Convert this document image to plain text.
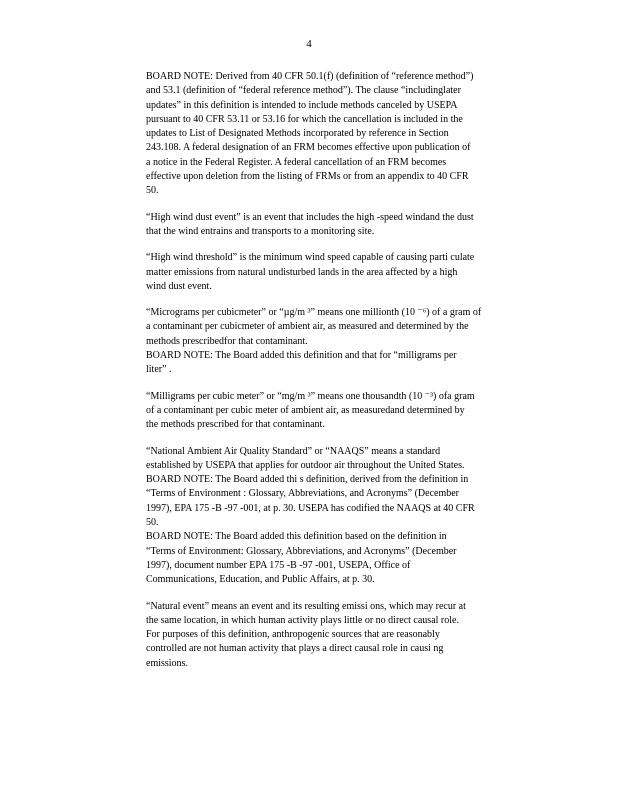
4

BOARD NOTE: Derived from 40 CFR 50.1(f) (definition of “reference method”)
and 53.1 (definition of “federal reference method”). The clause “includinglater
updates” in this definition is intended to include methods canceled by USEPA
pursuant to 40 CFR 53.11 or 53.16 for which the cancellation is included in the
updates to List of Designated Methods incorporated by reference in Section
243.108. A federal designation of an FRM becomes effective upon publication of
a notice in the Federal Register. A federal cancellation of an FRM becomes
effective upon deletion from the listing of FRMs or from an appendix to 40 CFR
50.

“High wind dust event” is an event that includes the high -speed windand the dust
that the wind entrains and transports to a monitoring site.

“High wind threshold” is the minimum wind speed capable of causing parti culate
matter emissions from natural undisturbed lands in the area affected by a high
wind dust event.

“Micrograms per cubicmeter” or “µg/m ³” means one millionth (10 ⁻⁶) of a gram of
a contaminant per cubicmeter of ambient air, as measured and determined by the
methods prescribedfor that contaminant.
BOARD NOTE: The Board added this definition and that for “milligrams per
liter” .

“Milligrams per cubic meter” or “mg/m ³” means one thousandth (10 ⁻³) ofa gram
of a contaminant per cubic meter of ambient air, as measuredand determined by
the methods prescribed for that contaminant.

“National Ambient Air Quality Standard” or “NAAQS” means a standard
established by USEPA that applies for outdoor air throughout the United States.
BOARD NOTE: The Board added thi s definition, derived from the definition in
“Terms of Environment : Glossary, Abbreviations, and Acronyms” (December
1997), EPA 175 -B -97 -001, at p. 30. USEPA has codified the NAAQS at 40 CFR
50.
BOARD NOTE: The Board added this definition based on the definition in
“Terms of Environment: Glossary, Abbreviations, and Acronyms” (December
1997), document number EPA 175 -B -97 -001, USEPA, Office of
Communications, Education, and Public Affairs, at p. 30.

“Natural event” means an event and its resulting emissi ons, which may recur at
the same location, in which human activity plays little or no direct causal role.
For purposes of this definition, anthropogenic sources that are reasonably
controlled are not human activity that plays a direct causal role in causi ng
emissions.
